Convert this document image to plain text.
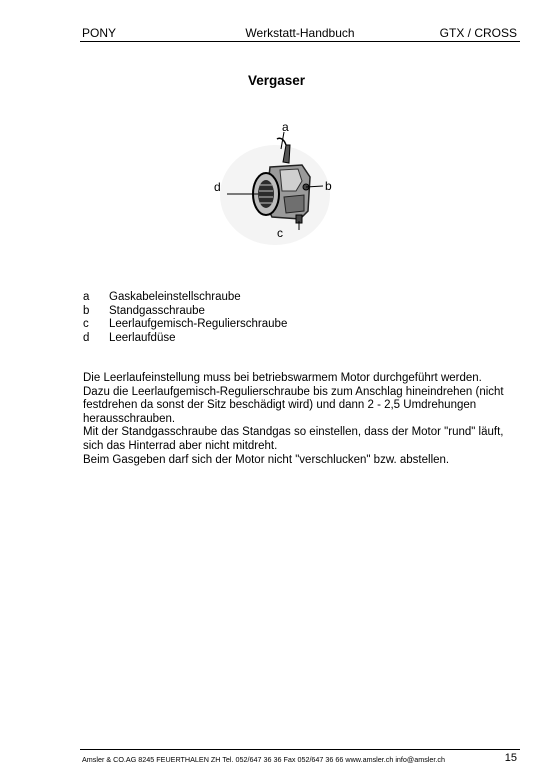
PONY	Werkstatt-Handbuch	GTX / CROSS
Vergaser
a
b
c
d
a	Gaskabeleinstellschraube
b	Standgasschraube
c	Leerlaufgemisch-Regulierschraube
d	Leerlaufdüse
Die Leerlaufeinstellung muss bei betriebswarmem Motor durchgeführt werden.
Dazu die Leerlaufgemisch-Regulierschraube bis zum Anschlag hineindrehen (nicht
festdrehen da sonst der Sitz beschädigt wird) und dann 2 - 2,5 Umdrehungen
herausschrauben.
Mit der Standgasschraube das Standgas so einstellen, dass der Motor "rund" läuft,
sich das Hinterrad aber nicht mitdreht.
Beim Gasgeben darf sich der Motor nicht "verschlucken" bzw. abstellen.
Amsler & CO.AG 8245 FEUERTHALEN ZH Tel. 052/647 36 36 Fax 052/647 36 66 www.amsler.ch info@amsler.ch	15
